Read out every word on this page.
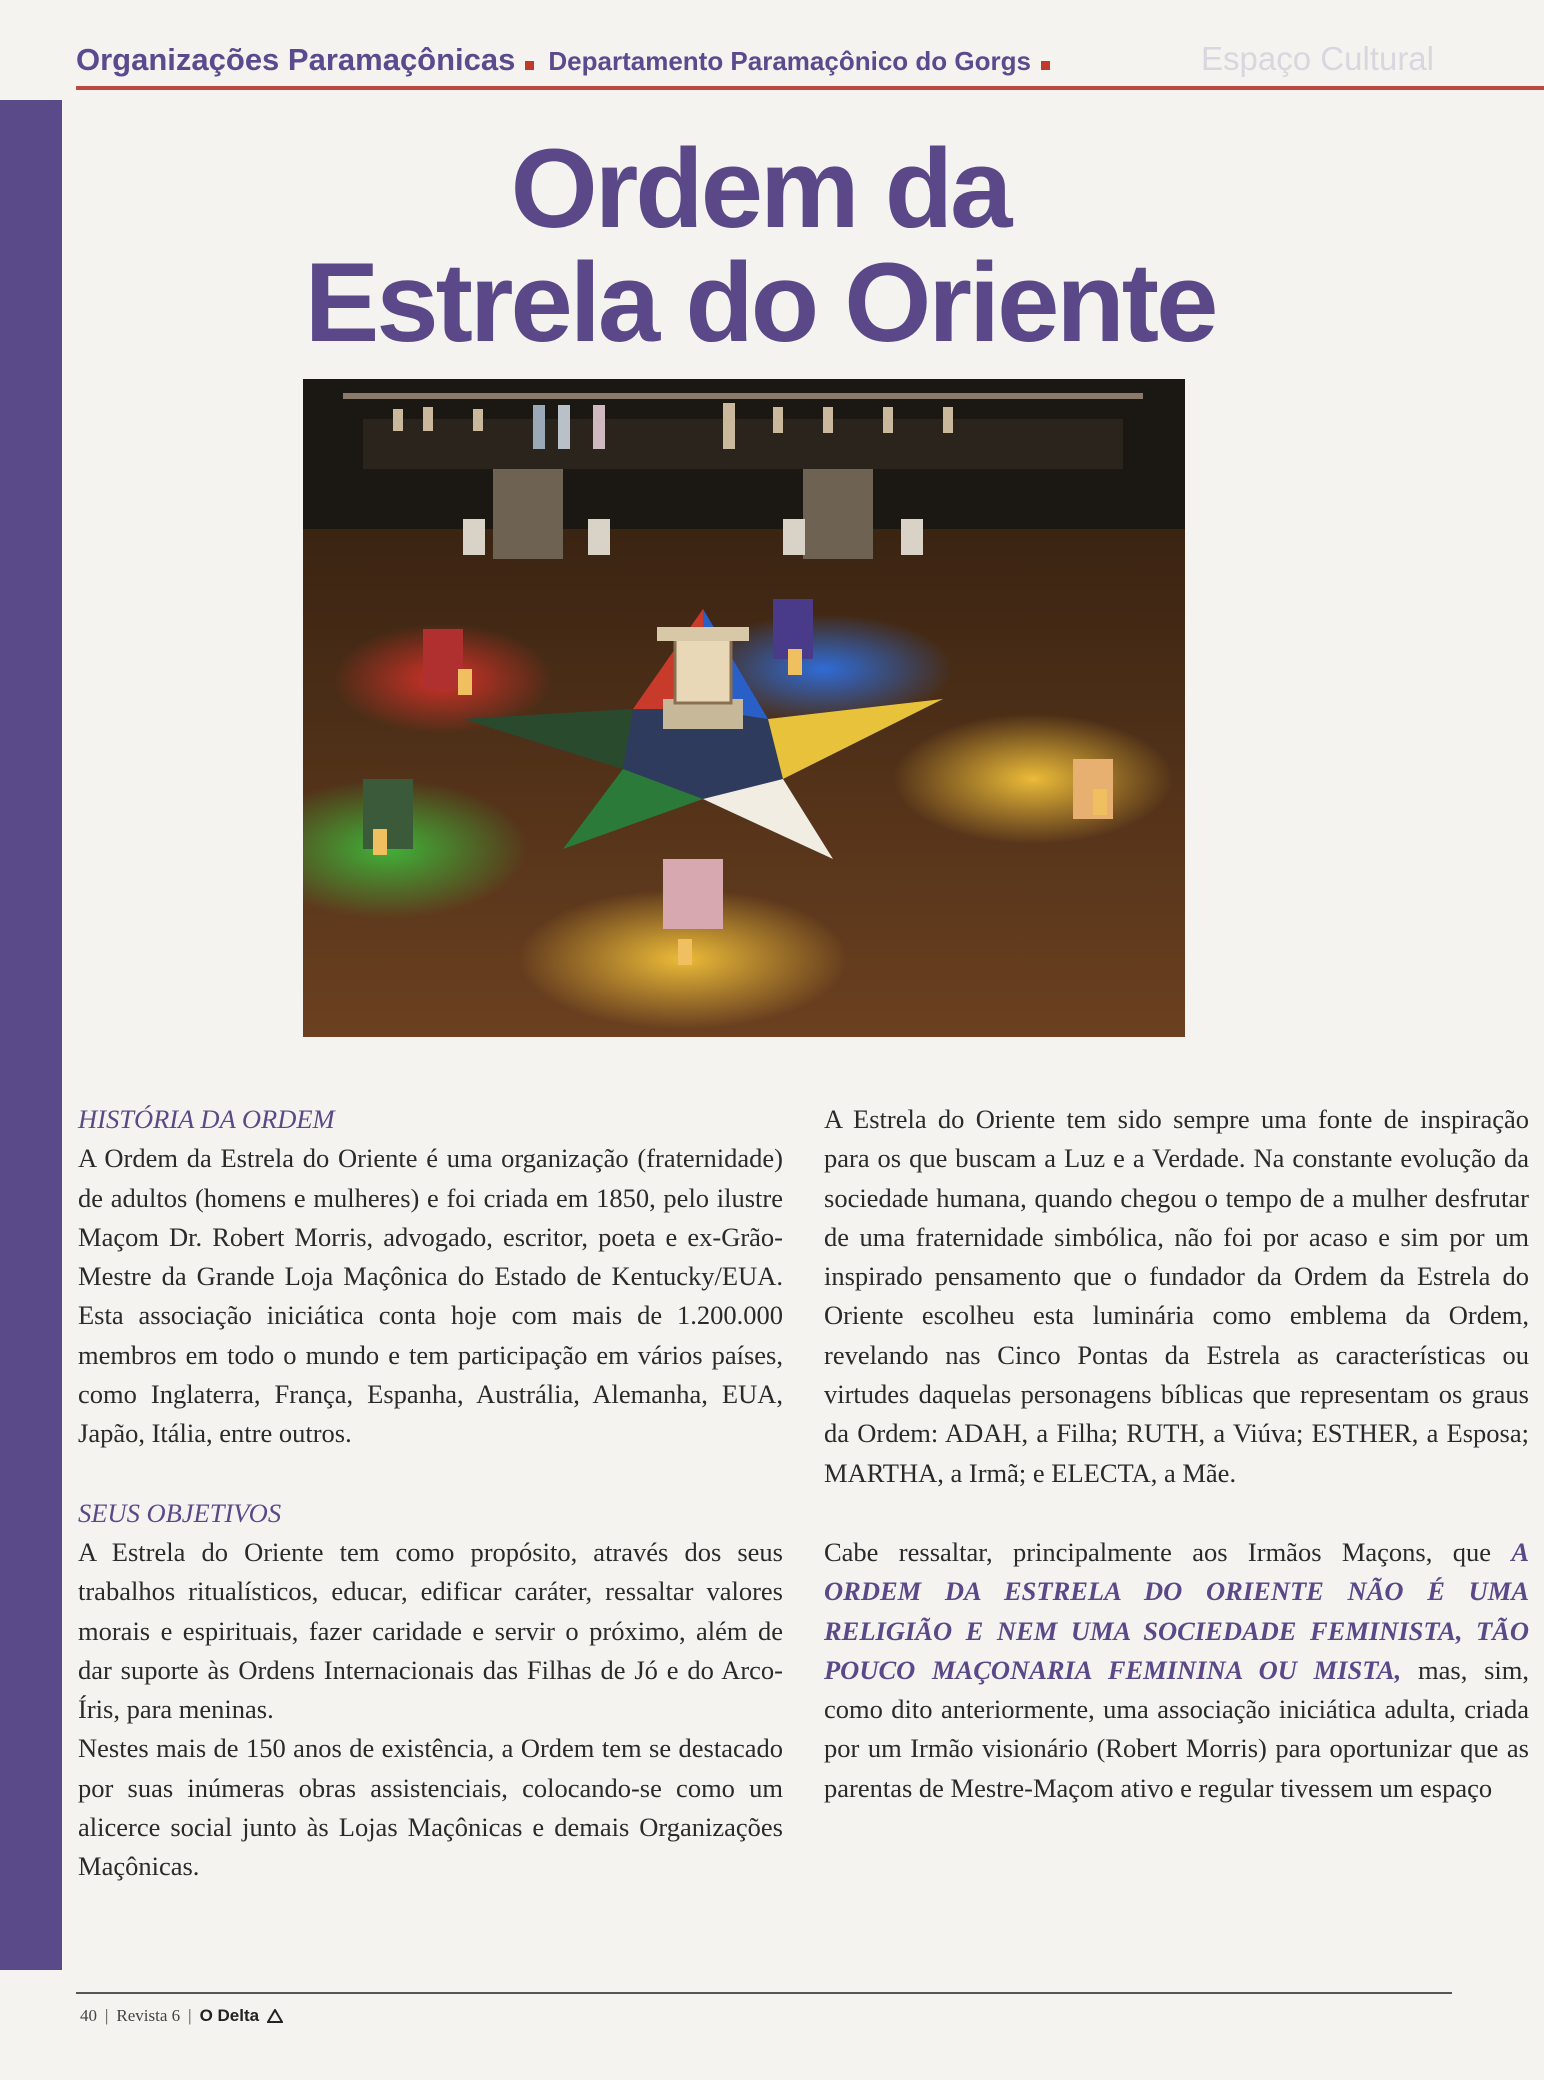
Organizações Paramaçônicas Departamento Paramaçônico do Gorgs	Espaço Cultural
Ordem da
Estrela do Oriente

HISTÓRIA DA ORDEM

A Ordem da Estrela do Oriente é uma organização (fraternidade) de adultos (homens e mulheres) e foi criada em 1850, pelo ilustre Maçom Dr. Robert Morris, advogado, escritor, poeta e ex-Grão-Mestre da Grande Loja Maçônica do Estado de Kentucky/EUA. Esta associação iniciática conta hoje com mais de 1.200.000 membros em todo o mundo e tem participação em vários países, como Inglaterra, França, Espanha, Austrália, Alemanha, EUA, Japão, Itália, entre outros.

SEUS OBJETIVOS

A Estrela do Oriente tem como propósito, através dos seus trabalhos ritualísticos, educar, edificar caráter, ressaltar valores morais e espirituais, fazer caridade e servir o próximo, além de dar suporte às Ordens Internacionais das Filhas de Jó e do Arco-Íris, para meninas.

Nestes mais de 150 anos de existência, a Ordem tem se destacado por suas inúmeras obras assistenciais, colocando-se como um alicerce social junto às Lojas Maçônicas e demais Organizações Maçônicas.

A Estrela do Oriente tem sido sempre uma fonte de inspiração para os que buscam a Luz e a Verdade. Na constante evolução da sociedade humana, quando chegou o tempo de a mulher desfrutar de uma fraternidade simbólica, não foi por acaso e sim por um inspirado pensamento que o fundador da Ordem da Estrela do Oriente escolheu esta luminária como emblema da Ordem, revelando nas Cinco Pontas da Estrela as características ou virtudes daquelas personagens bíblicas que representam os graus da Ordem: ADAH, a Filha; RUTH, a Viúva; ESTHER, a Esposa; MARTHA, a Irmã; e ELECTA, a Mãe.

Cabe ressaltar, principalmente aos Irmãos Maçons, que A ORDEM DA ESTRELA DO ORIENTE NÃO É UMA RELIGIÃO E NEM UMA SOCIEDADE FEMINISTA, TÃO POUCO MAÇONARIA FEMININA OU MISTA, mas, sim, como dito anteriormente, uma associação iniciática adulta, criada por um Irmão visionário (Robert Morris) para oportunizar que as parentas de Mestre-Maçom ativo e regular tivessem um espaço

40 | Revista 6 | O Delta
